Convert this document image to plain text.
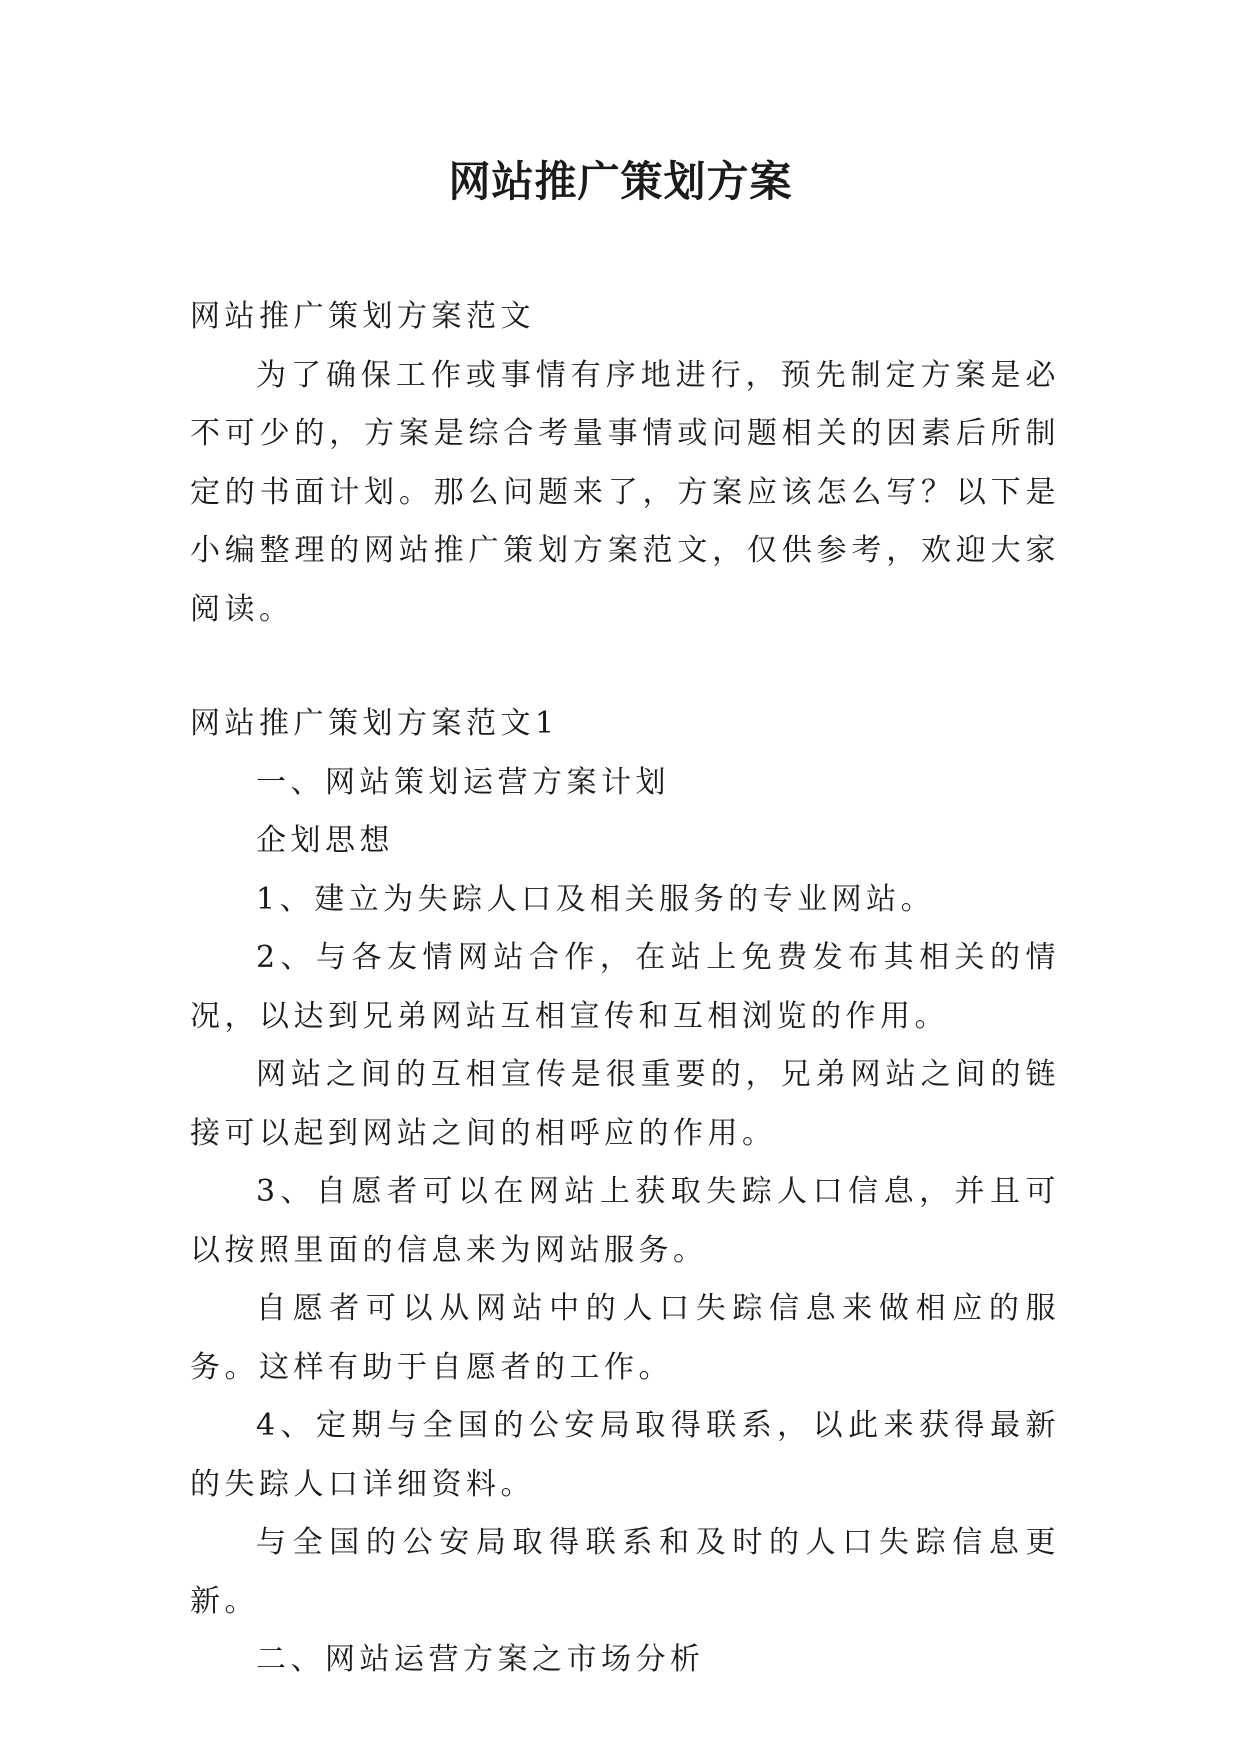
网站推广策划方案

网站推广策划方案范文

为了确保工作或事情有序地进行，预先制定方案是必不可少的，方案是综合考量事情或问题相关的因素后所制定的书面计划。那么问题来了，方案应该怎么写？以下是小编整理的网站推广策划方案范文，仅供参考，欢迎大家阅读。

网站推广策划方案范文1

一、网站策划运营方案计划

企划思想

1、建立为失踪人口及相关服务的专业网站。

2、与各友情网站合作，在站上免费发布其相关的情况，以达到兄弟网站互相宣传和互相浏览的作用。

网站之间的互相宣传是很重要的，兄弟网站之间的链接可以起到网站之间的相呼应的作用。

3、自愿者可以在网站上获取失踪人口信息，并且可以按照里面的信息来为网站服务。

自愿者可以从网站中的人口失踪信息来做相应的服务。这样有助于自愿者的工作。

4、定期与全国的公安局取得联系，以此来获得最新的失踪人口详细资料。

与全国的公安局取得联系和及时的人口失踪信息更新。

二、网站运营方案之市场分析
